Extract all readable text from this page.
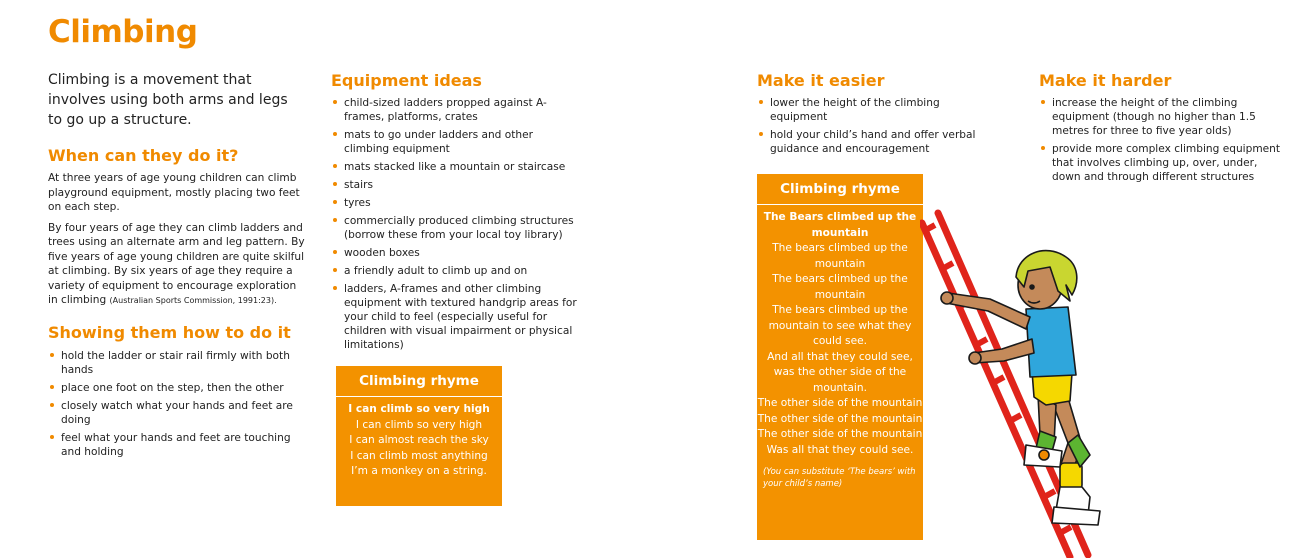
Climbing
Climbing is a movement that involves using both arms and legs to go up a structure.
When can they do it?

At three years of age young children can climb playground equipment, mostly placing two feet on each step.

By four years of age they can climb ladders and trees using an alternate arm and leg pattern. By five years of age young children are quite skilful at climbing. By six years of age they require a variety of equipment to encourage exploration in climbing (Australian Sports Commission, 1991:23).

Showing them how to do it
hold the ladder or stair rail firmly with both hands
place one foot on the step, then the other
closely watch what your hands and feet are doing
feel what your hands and feet are touching and holding
Equipment ideas
child-sized ladders propped against A-frames, platforms, crates
mats to go under ladders and other climbing equipment
mats stacked like a mountain or staircase
stairs
tyres
commercially produced climbing structures (borrow these from your local toy library)
wooden boxes
a friendly adult to climb up and on
ladders, A-frames and other climbing equipment with textured handgrip areas for your child to feel (especially useful for children with visual impairment or physical limitations)
Climbing rhyme
I can climb so very high
I can climb so very high
I can almost reach the sky
I can climb most anything
I’m a monkey on a string.
Make it easier
lower the height of the climbing equipment
hold your child’s hand and offer verbal guidance and encouragement
Climbing rhyme
The Bears climbed up the mountain
The bears climbed up the mountain
The bears climbed up the mountain
The bears climbed up the mountain to see what they could see.
And all that they could see, was the other side of the mountain.
The other side of the mountain
The other side of the mountain
The other side of the mountain
Was all that they could see.
(You can substitute ‘The bears’ with your child’s name)
Make it harder
increase the height of the climbing equipment (though no higher than 1.5 metres for three to five year olds)
provide more complex climbing equipment that involves climbing up, over, under, down and through different structures
